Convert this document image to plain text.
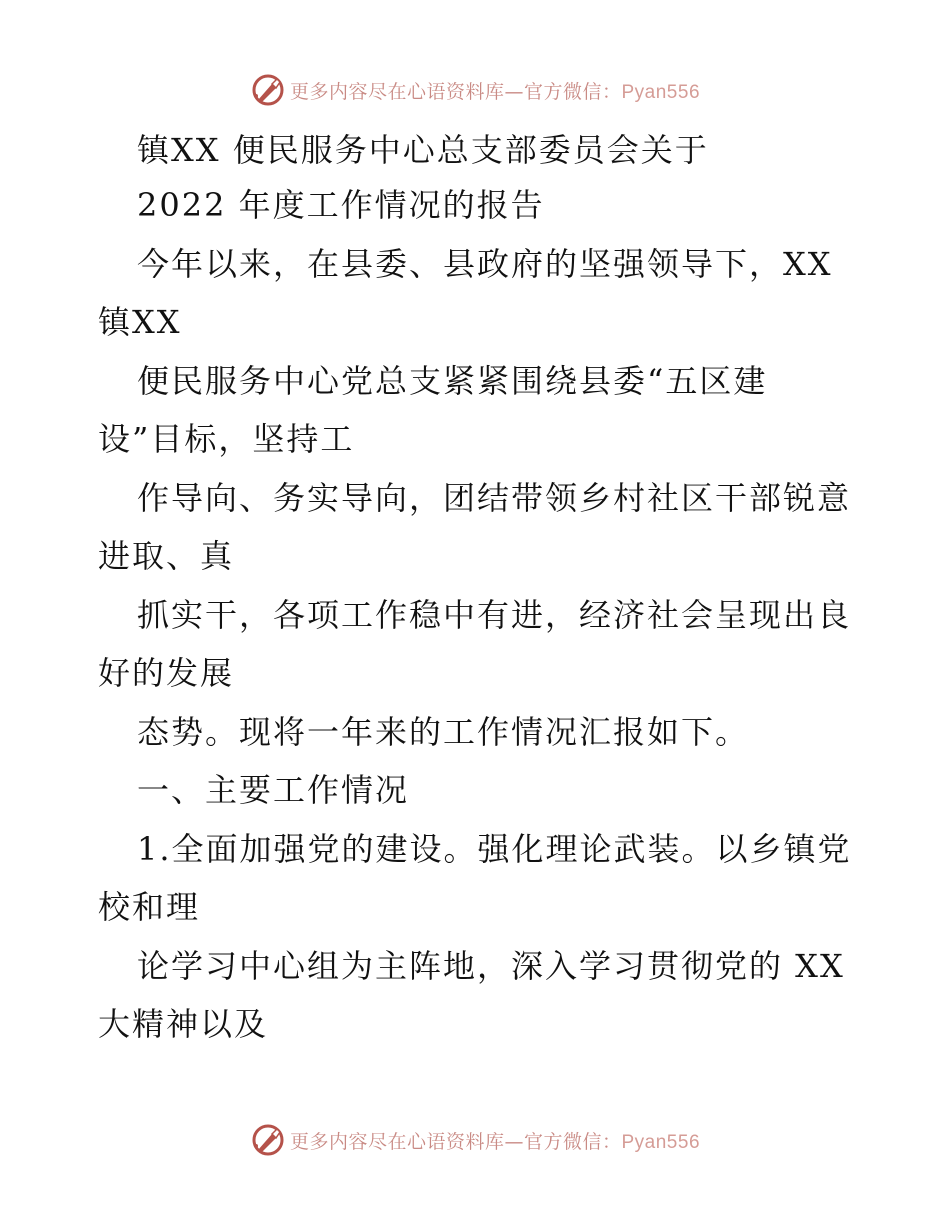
更多内容尽在心语资料库—官方微信：Pyan556
镇XX 便民服务中心总支部委员会关于
2022 年度工作情况的报告
今年以来，在县委、县政府的坚强领导下，XX
镇XX
便民服务中心党总支紧紧围绕县委“五区建
设”目标，坚持工
作导向、务实导向，团结带领乡村社区干部锐意
进取、真
抓实干，各项工作稳中有进，经济社会呈现出良
好的发展
态势。现将一年来的工作情况汇报如下。
一、主要工作情况
1.全面加强党的建设。强化理论武装。以乡镇党
校和理
论学习中心组为主阵地，深入学习贯彻党的 XX
大精神以及
更多内容尽在心语资料库—官方微信：Pyan556
